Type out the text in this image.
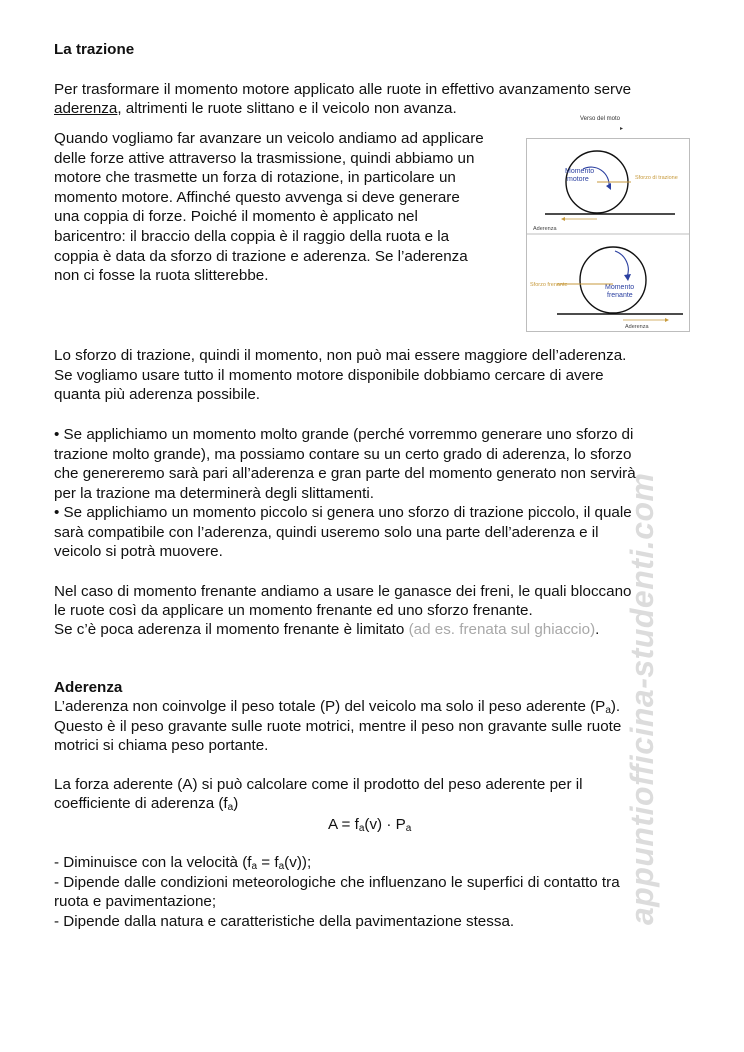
La trazione
Per trasformare il momento motore applicato alle ruote in effettivo avanzamento serve
aderenza, altrimenti le ruote slittano e il veicolo non avanza.
Quando vogliamo far avanzare un veicolo andiamo ad applicare
delle forze attive attraverso la trasmissione, quindi abbiamo un
motore che trasmette un forza di rotazione, in particolare un
momento motore. Affinché questo avvenga si deve generare
una coppia di forze. Poiché il momento è applicato nel
baricentro: il braccio della coppia è il raggio della ruota e la
coppia è data da sforzo di trazione e aderenza. Se l’aderenza
non ci fosse la ruota slitterebbe.
Momento
motore	Sforzo di trazione
Aderenza
Momento
frenante
Sforzo frenante
Aderenza
Verso del moto
▸
Lo sforzo di trazione, quindi il momento, non può mai essere maggiore dell’aderenza.
Se vogliamo usare tutto il momento motore disponibile dobbiamo cercare di avere
quanta più aderenza possibile.
• Se applichiamo un momento molto grande (perché vorremmo generare uno sforzo di
trazione molto grande), ma possiamo contare su un certo grado di aderenza, lo sforzo
che genereremo sarà pari all’aderenza e gran parte del momento generato non servirà
per la trazione ma determinerà degli slittamenti.
• Se applichiamo un momento piccolo si genera uno sforzo di trazione piccolo, il quale
sarà compatibile con l’aderenza, quindi useremo solo una parte dell’aderenza e il
veicolo si potrà muovere.
Nel caso di momento frenante andiamo a usare le ganasce dei freni, le quali bloccano
le ruote così da applicare un momento frenante ed uno sforzo frenante.
Se c’è poca aderenza il momento frenante è limitato (ad es. frenata sul ghiaccio).
Aderenza
L’aderenza non coinvolge il peso totale (P) del veicolo ma solo il peso aderente $(P_a)$.
Questo è il peso gravante sulle ruote motrici, mentre il peso non gravante sulle ruote
motrici si chiama peso portante.
La forza aderente (A) si può calcolare come il prodotto del peso aderente per il
coefficiente di aderenza $(f_a)$
$A = f_a(v) \cdot P_a$
- Diminuisce con la velocità $(f_a = f_a(v))$;
- Dipende dalle condizioni meteorologiche che influenzano le superfici di contatto tra
ruota e pavimentazione;
- Dipende dalla natura e caratteristiche della pavimentazione stessa.	appuntiofficina-studenti.com
